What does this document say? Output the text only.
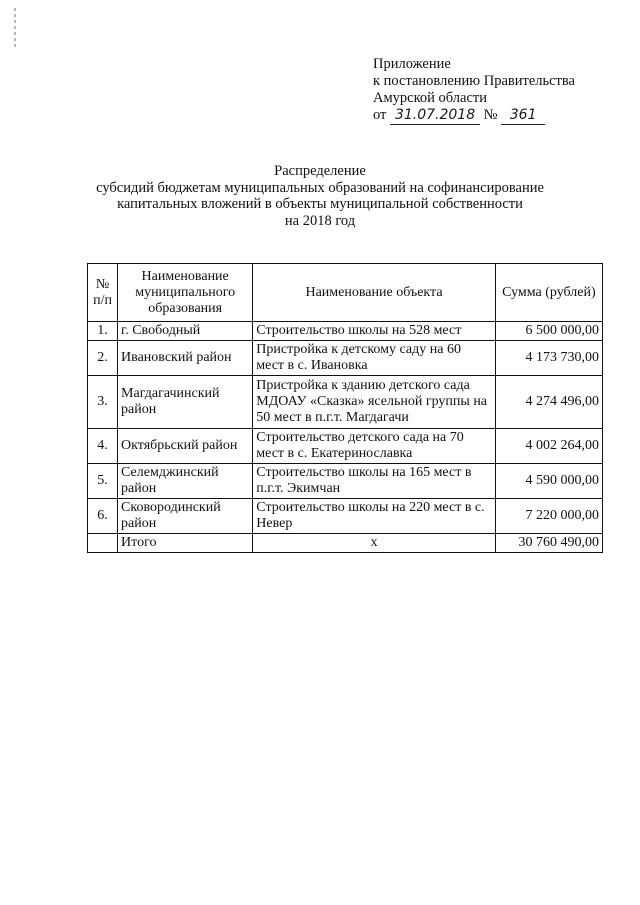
Приложение
к постановлению Правительства
Амурской области
от 31.07.2018 № 361
Распределение
субсидий бюджетам муниципальных образований на софинансирование
капитальных вложений в объекты муниципальной собственности
на 2018 год
№ п/п	Наименование муниципального образования	Наименование объекта	Сумма (рублей)
1.	г. Свободный	Строительство школы на 528 мест	6 500 000,00
2.	Ивановский район	Пристройка к детскому саду на 60 мест в с. Ивановка	4 173 730,00
3.	Магдагачинский район	Пристройка к зданию детского сада МДОАУ «Сказка» ясельной группы на 50 мест в п.г.т. Магдагачи	4 274 496,00
4.	Октябрьский район	Строительство детского сада на 70 мест в с. Екатеринославка	4 002 264,00
5.	Селемджинский район	Строительство школы на 165 мест в п.г.т. Экимчан	4 590 000,00
6.	Сковородинский район	Строительство школы на 220 мест в с. Невер	7 220 000,00
	Итого	х	30 760 490,00
